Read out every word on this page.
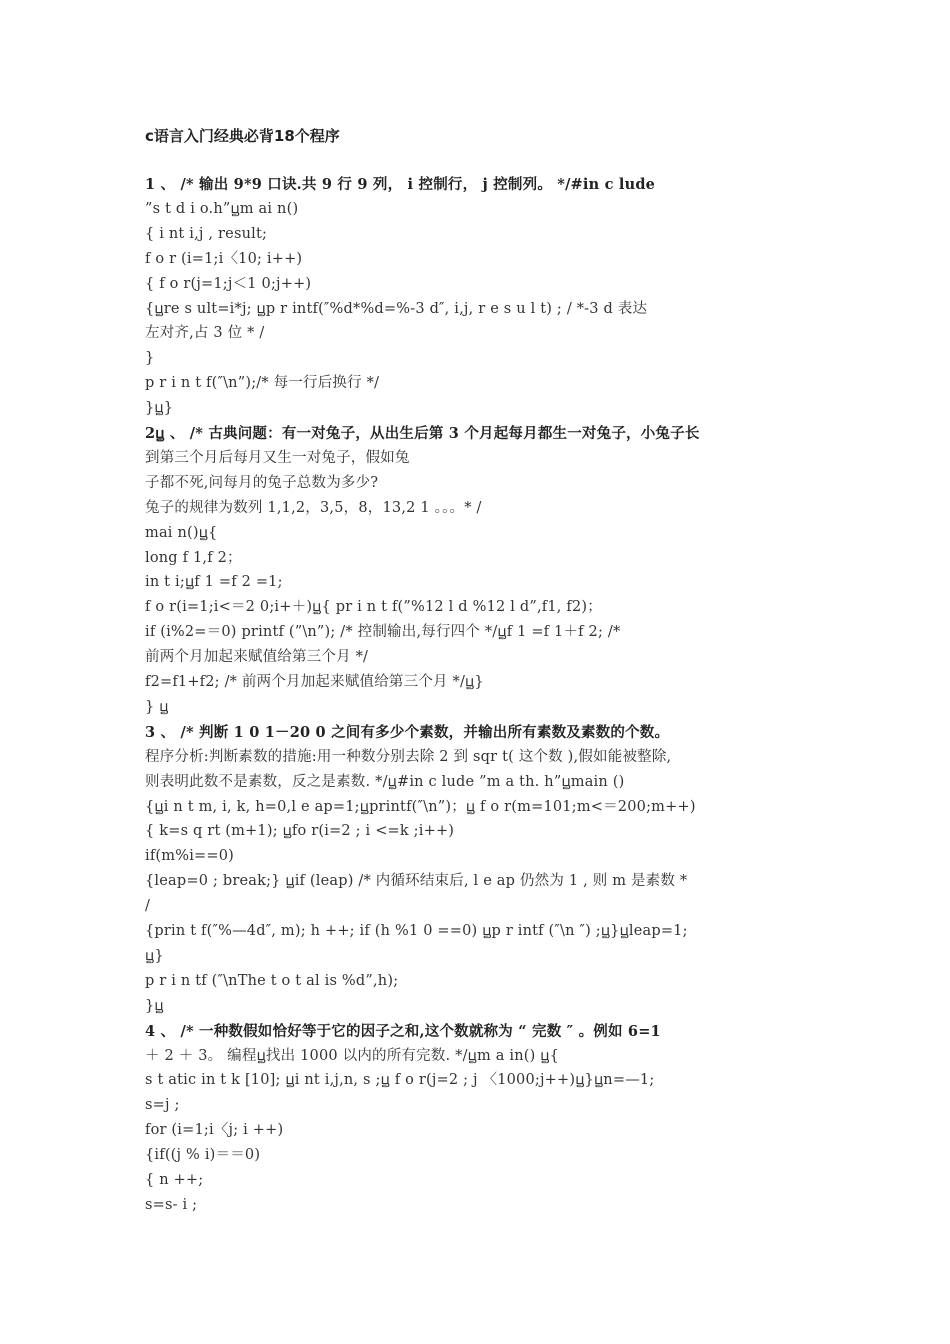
c语言入门经典必背18个程序
1 、 /* 输出 9*9 口诀.共 9 行 9 列， i 控制行， j 控制列。 */#in c lude
”s t d i o.h”ꚏm ai n()
{ i nt i,j , result;
f o r (i=1;i〈10; i++)
{ f o r(j=1;j＜1 0;j++)
{ꚏre s ult=i*j; ꚏp r intf(″%d*%d=%-3 d″, i,j, r e s u l t) ; / *-3 d 表达
左对齐,占 3 位 * /
}
p r i n t f(″\n”);/* 每一行后换行 */
}ꚏ}
2ꚏ 、 /* 古典问题：有一对兔子，从出生后第 3 个月起每月都生一对兔子，小兔子长
到第三个月后每月又生一对兔子，假如兔
子都不死,问每月的兔子总数为多少?
兔子的规律为数列 1,1,2，3,5，8，13,2 1 。。。* /
mai n()ꚏ{
long f 1,f 2；
in t i;ꚏf 1 =f 2 =1;
f o r(i=1;i<＝2 0;i+＋)ꚏ{ pr i n t f(”%12 l d %12 l d”,f1, f2)；
if (i%2=＝0) printf (”\n”); /* 控制输出,每行四个 */ꚏf 1 =f 1＋f 2; /*
前两个月加起来赋值给第三个月 */
f2=f1+f2; /* 前两个月加起来赋值给第三个月 */ꚏ}
} ꚏ
3 、 /* 判断 1 0 1－20 0 之间有多少个素数，并输出所有素数及素数的个数。
程序分析:判断素数的措施:用一种数分别去除 2 到 sqr t( 这个数 ),假如能被整除,
则表明此数不是素数，反之是素数. */ꚏ#in c lude ”m a th. h”ꚏmain ()
{ꚏi n t m, i, k, h=0,l e ap=1;ꚏprintf(″\n”)；ꚏ f o r(m=101;m<＝200;m++)
{ k=s q rt (m+1); ꚏfo r(i=2 ; i <=k ;i++)
if(m%i==0)
{leap=0 ; break;} ꚏif (leap) /* 内循环结束后, l e ap 仍然为 1 , 则 m 是素数 *
/
{prin t f(″%—4d″, m); h ++; if (h %1 0 ==0) ꚏp r intf (″\n ″) ;ꚏ}ꚏleap=1;
ꚏ}
p r i n tf (″\nThe t o t al is %d”,h);
}ꚏ
4 、 /* 一种数假如恰好等于它的因子之和,这个数就称为 “ 完数 ″ 。例如 6=1
＋ 2 ＋ 3。 编程ꚏ找出 1000 以内的所有完数. */ꚏm a in() ꚏ{
s t atic in t k [10]; ꚏi nt i,j,n, s ;ꚏ f o r(j=2 ; j 〈1000;j++)ꚏ}ꚏn=—1;
s=j ;
for (i=1;i〈j; i ++)
{if((j % i)＝＝0)
{ n ++;
s=s- i ;
